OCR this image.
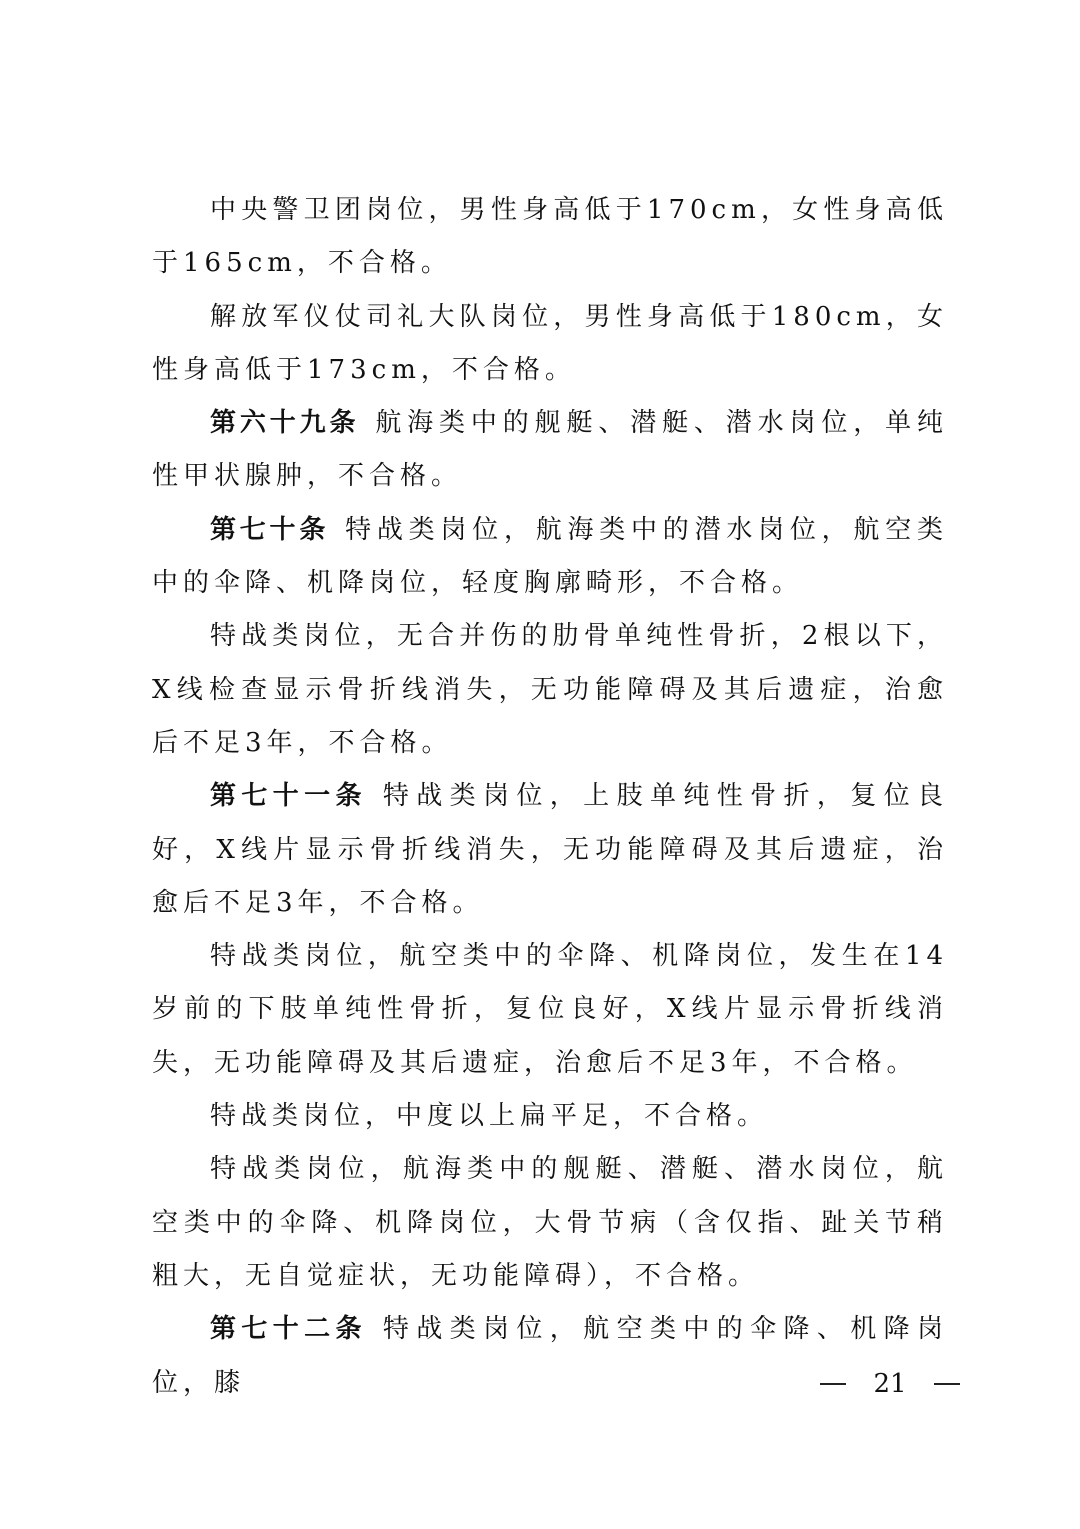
中央警卫团岗位，男性身高低于170cm，女性身高低于165cm，不合格。

解放军仪仗司礼大队岗位，男性身高低于180cm，女性身高低于173cm，不合格。

第六十九条 航海类中的舰艇、潜艇、潜水岗位，单纯性甲状腺肿，不合格。

第七十条 特战类岗位，航海类中的潜水岗位，航空类中的伞降、机降岗位，轻度胸廓畸形，不合格。

特战类岗位，无合并伤的肋骨单纯性骨折，2根以下，X线检查显示骨折线消失，无功能障碍及其后遗症，治愈后不足3年，不合格。

第七十一条 特战类岗位，上肢单纯性骨折，复位良好，X线片显示骨折线消失，无功能障碍及其后遗症，治愈后不足3年，不合格。

特战类岗位，航空类中的伞降、机降岗位，发生在14岁前的下肢单纯性骨折，复位良好，X线片显示骨折线消失，无功能障碍及其后遗症，治愈后不足3年，不合格。

特战类岗位，中度以上扁平足，不合格。

特战类岗位，航海类中的舰艇、潜艇、潜水岗位，航空类中的伞降、机降岗位，大骨节病（含仅指、趾关节稍粗大，无自觉症状，无功能障碍），不合格。

第七十二条 特战类岗位，航空类中的伞降、机降岗位，膝	21
